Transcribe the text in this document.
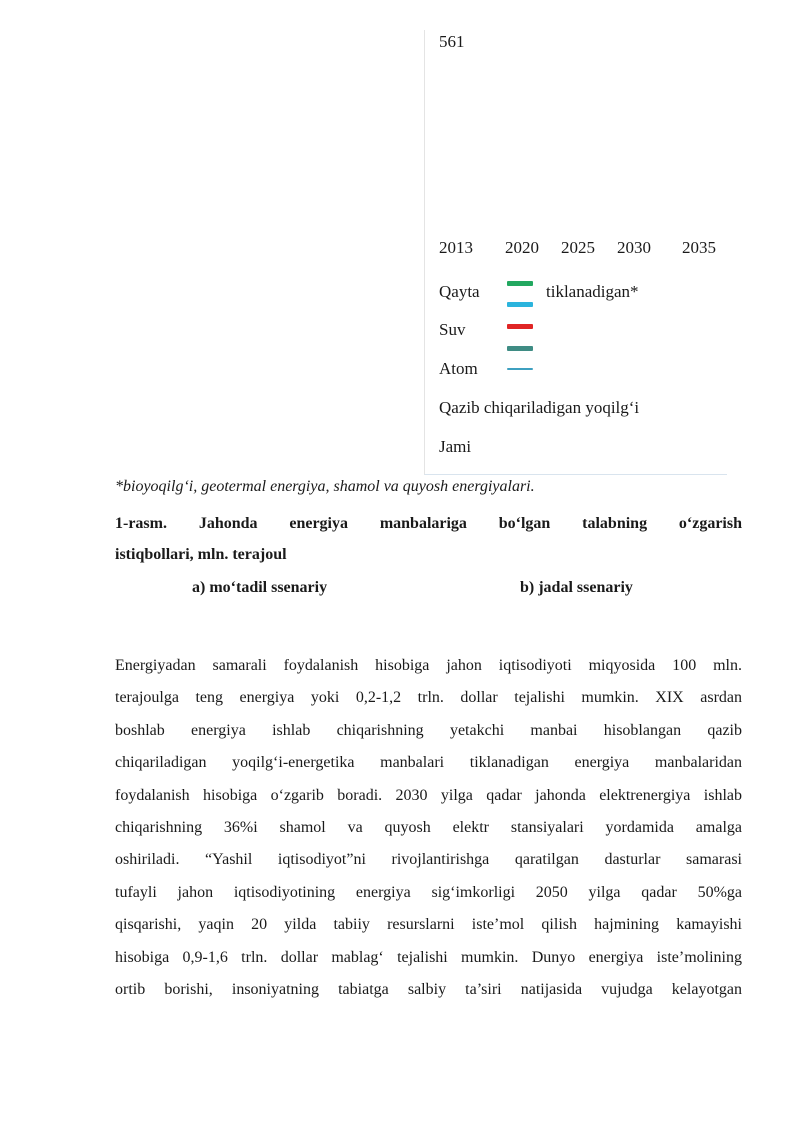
561
2013 2020 2025 2030 2035
Qayta	tiklanadigan*
Suv
Atom
Qazib chiqariladigan yoqilg‘i
Jami
*bioyoqilg‘i, geotermal energiya, shamol va quyosh energiyalari.
1-rasm. Jahonda energiya manbalariga bo‘lgan talabning o‘zgarish
istiqbollari, mln. terajoul
a) mo‘tadil ssenariy	b) jadal ssenariy
Energiyadan samarali foydalanish hisobiga jahon iqtisodiyoti miqyosida 100 mln.
terajoulga teng energiya yoki 0,2-1,2 trln. dollar tejalishi mumkin. XIX asrdan
boshlab energiya ishlab chiqarishning yetakchi manbai hisoblangan qazib
chiqariladigan yoqilg‘i-energetika manbalari tiklanadigan energiya manbalaridan
foydalanish hisobiga o‘zgarib boradi. 2030 yilga qadar jahonda elektrenergiya ishlab
chiqarishning 36%i shamol va quyosh elektr stansiyalari yordamida amalga
oshiriladi. “Yashil iqtisodiyot”ni rivojlantirishga qaratilgan dasturlar samarasi
tufayli jahon iqtisodiyotining energiya sig‘imkorligi 2050 yilga qadar 50%ga
qisqarishi, yaqin 20 yilda tabiiy resurslarni iste’mol qilish hajmining kamayishi
hisobiga 0,9-1,6 trln. dollar mablag‘ tejalishi mumkin. Dunyo energiya iste’molining
ortib borishi, insoniyatning tabiatga salbiy ta’siri natijasida vujudga kelayotgan
